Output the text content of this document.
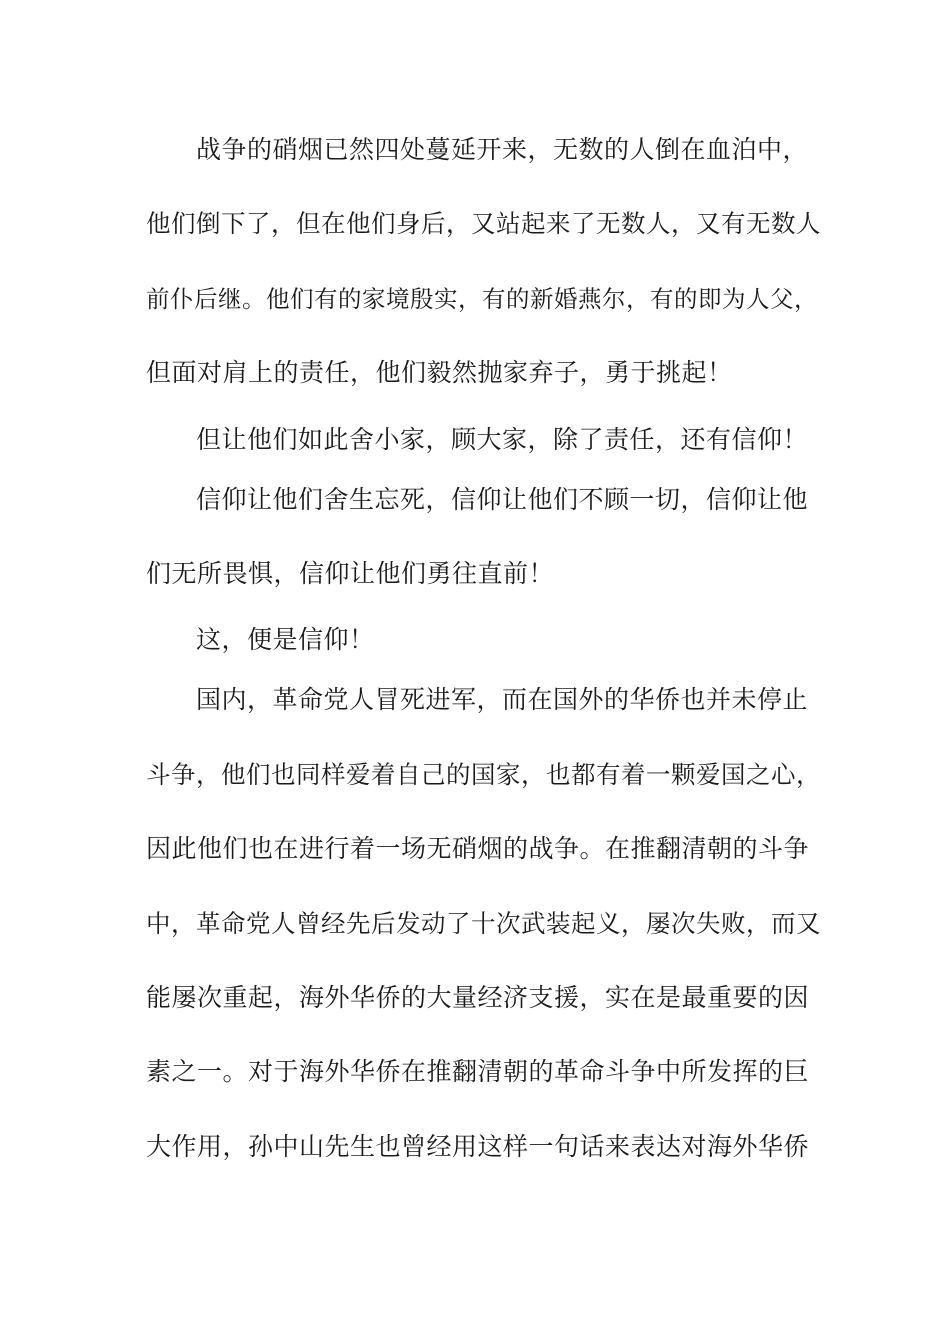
战争的硝烟已然四处蔓延开来，无数的人倒在血泊中，
他们倒下了，但在他们身后，又站起来了无数人，又有无数人
前仆后继。他们有的家境殷实，有的新婚燕尔，有的即为人父，
但面对肩上的责任，他们毅然抛家弃子，勇于挑起！
但让他们如此舍小家，顾大家，除了责任，还有信仰！
信仰让他们舍生忘死，信仰让他们不顾一切，信仰让他
们无所畏惧，信仰让他们勇往直前！
这，便是信仰！
国内，革命党人冒死进军，而在国外的华侨也并未停止
斗争，他们也同样爱着自己的国家，也都有着一颗爱国之心，
因此他们也在进行着一场无硝烟的战争。在推翻清朝的斗争
中，革命党人曾经先后发动了十次武装起义，屡次失败，而又
能屡次重起，海外华侨的大量经济支援，实在是最重要的因
素之一。对于海外华侨在推翻清朝的革命斗争中所发挥的巨
大作用，孙中山先生也曾经用这样一句话来表达对海外华侨
